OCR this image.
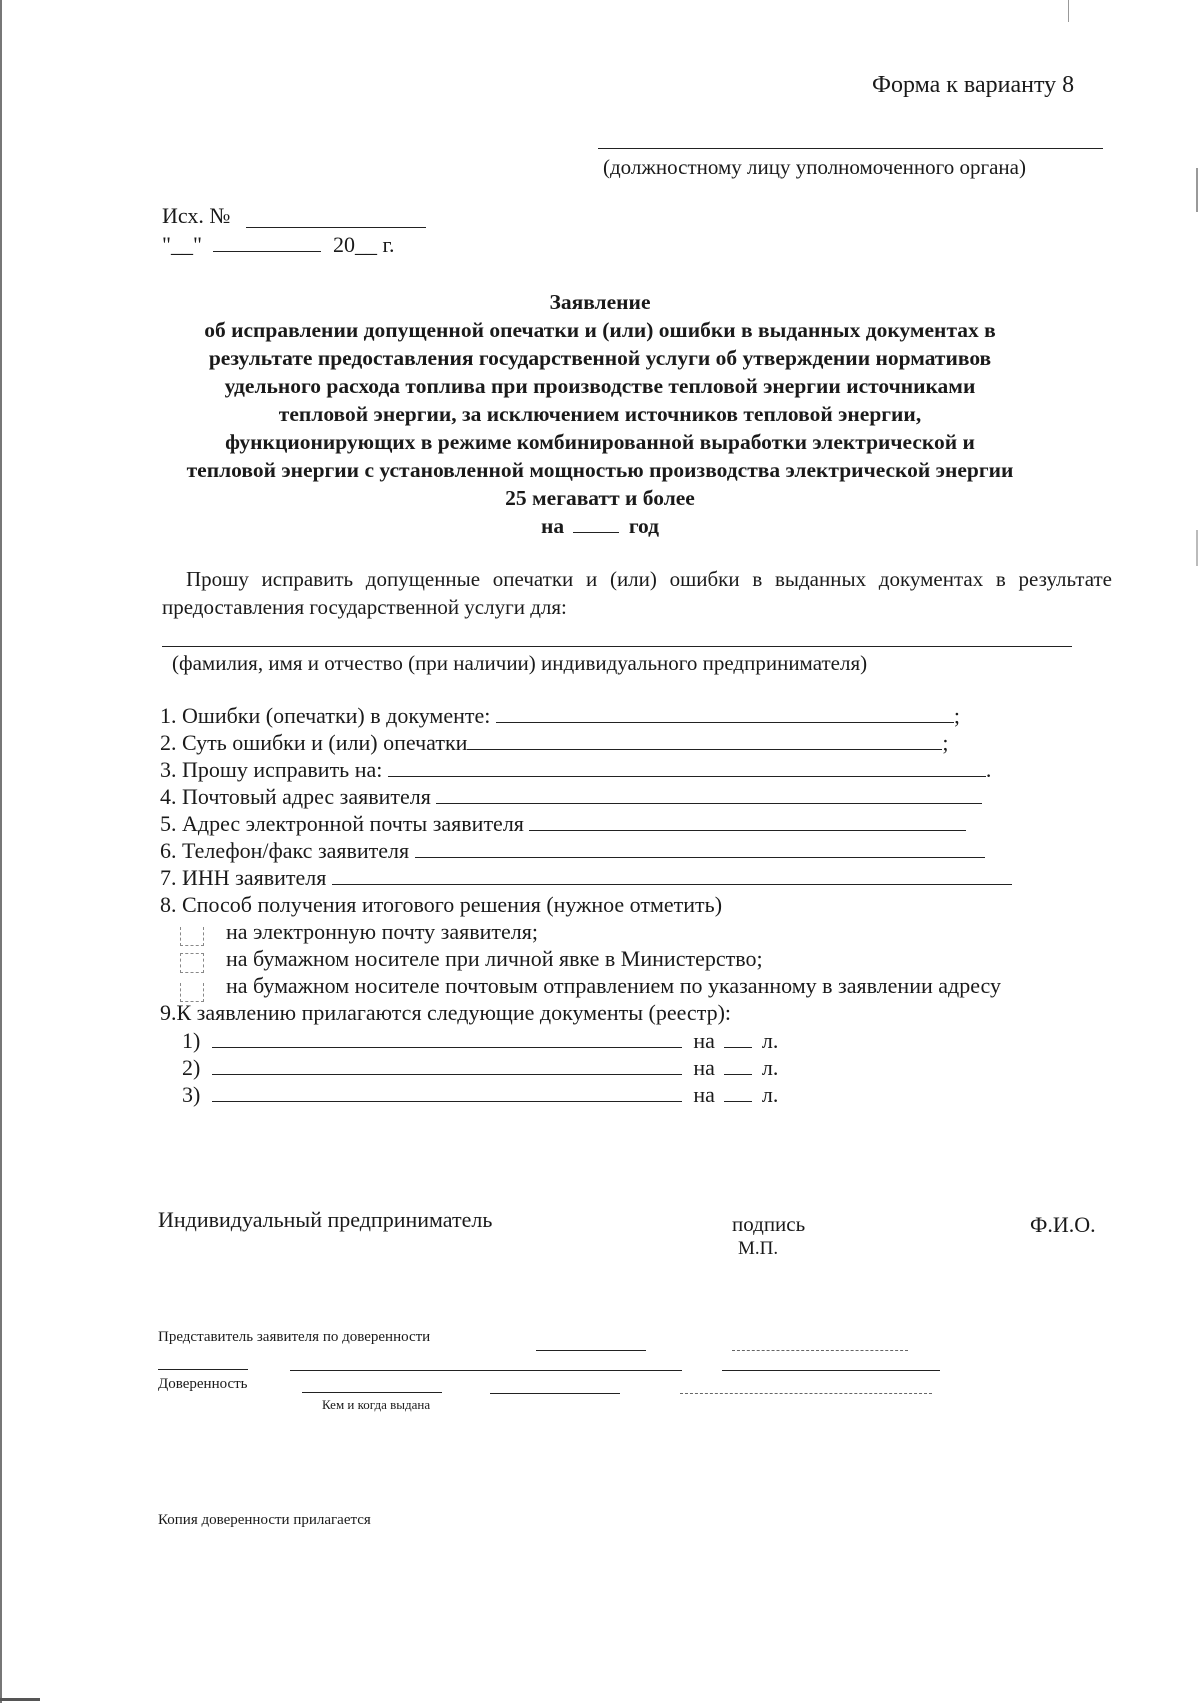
Форма к варианту 8
(должностному лицу уполномоченного органа)
Исх. №
"__"	20__ г.
Заявление
об исправлении допущенной опечатки и (или) ошибки в выданных документах в
результате предоставления государственной услуги об утверждении нормативов
удельного расхода топлива при производстве тепловой энергии источниками
тепловой энергии, за исключением источников тепловой энергии,
функционирующих в режиме комбинированной выработки электрической и
тепловой энергии с установленной мощностью производства электрической энергии
25 мегаватт и более
на	год
Прошу исправить допущенные опечатки и (или) ошибки в выданных документах в результате предоставления государственной услуги для:
(фамилия, имя и отчество (при наличии) индивидуального предпринимателя)
1. Ошибки (опечатки) в документе:	;
2. Суть ошибки и (или) опечатки	;
3. Прошу исправить на:	.
4. Почтовый адрес заявителя
5. Адрес электронной почты заявителя
6. Телефон/факс заявителя
7. ИНН заявителя
8. Способ получения итогового решения (нужное отметить)
на электронную почту заявителя;
на бумажном носителе при личной явке в Министерство;
на бумажном носителе почтовым отправлением по указанному в заявлении адресу
9.К заявлению прилагаются следующие документы (реестр):
1)	на л.
2)	на л.
3)	на л.
Индивидуальный предприниматель	подпись
М.П.
Ф.И.О.
Представитель заявителя по доверенности
Доверенность
Кем и когда выдана
Копия доверенности прилагается
